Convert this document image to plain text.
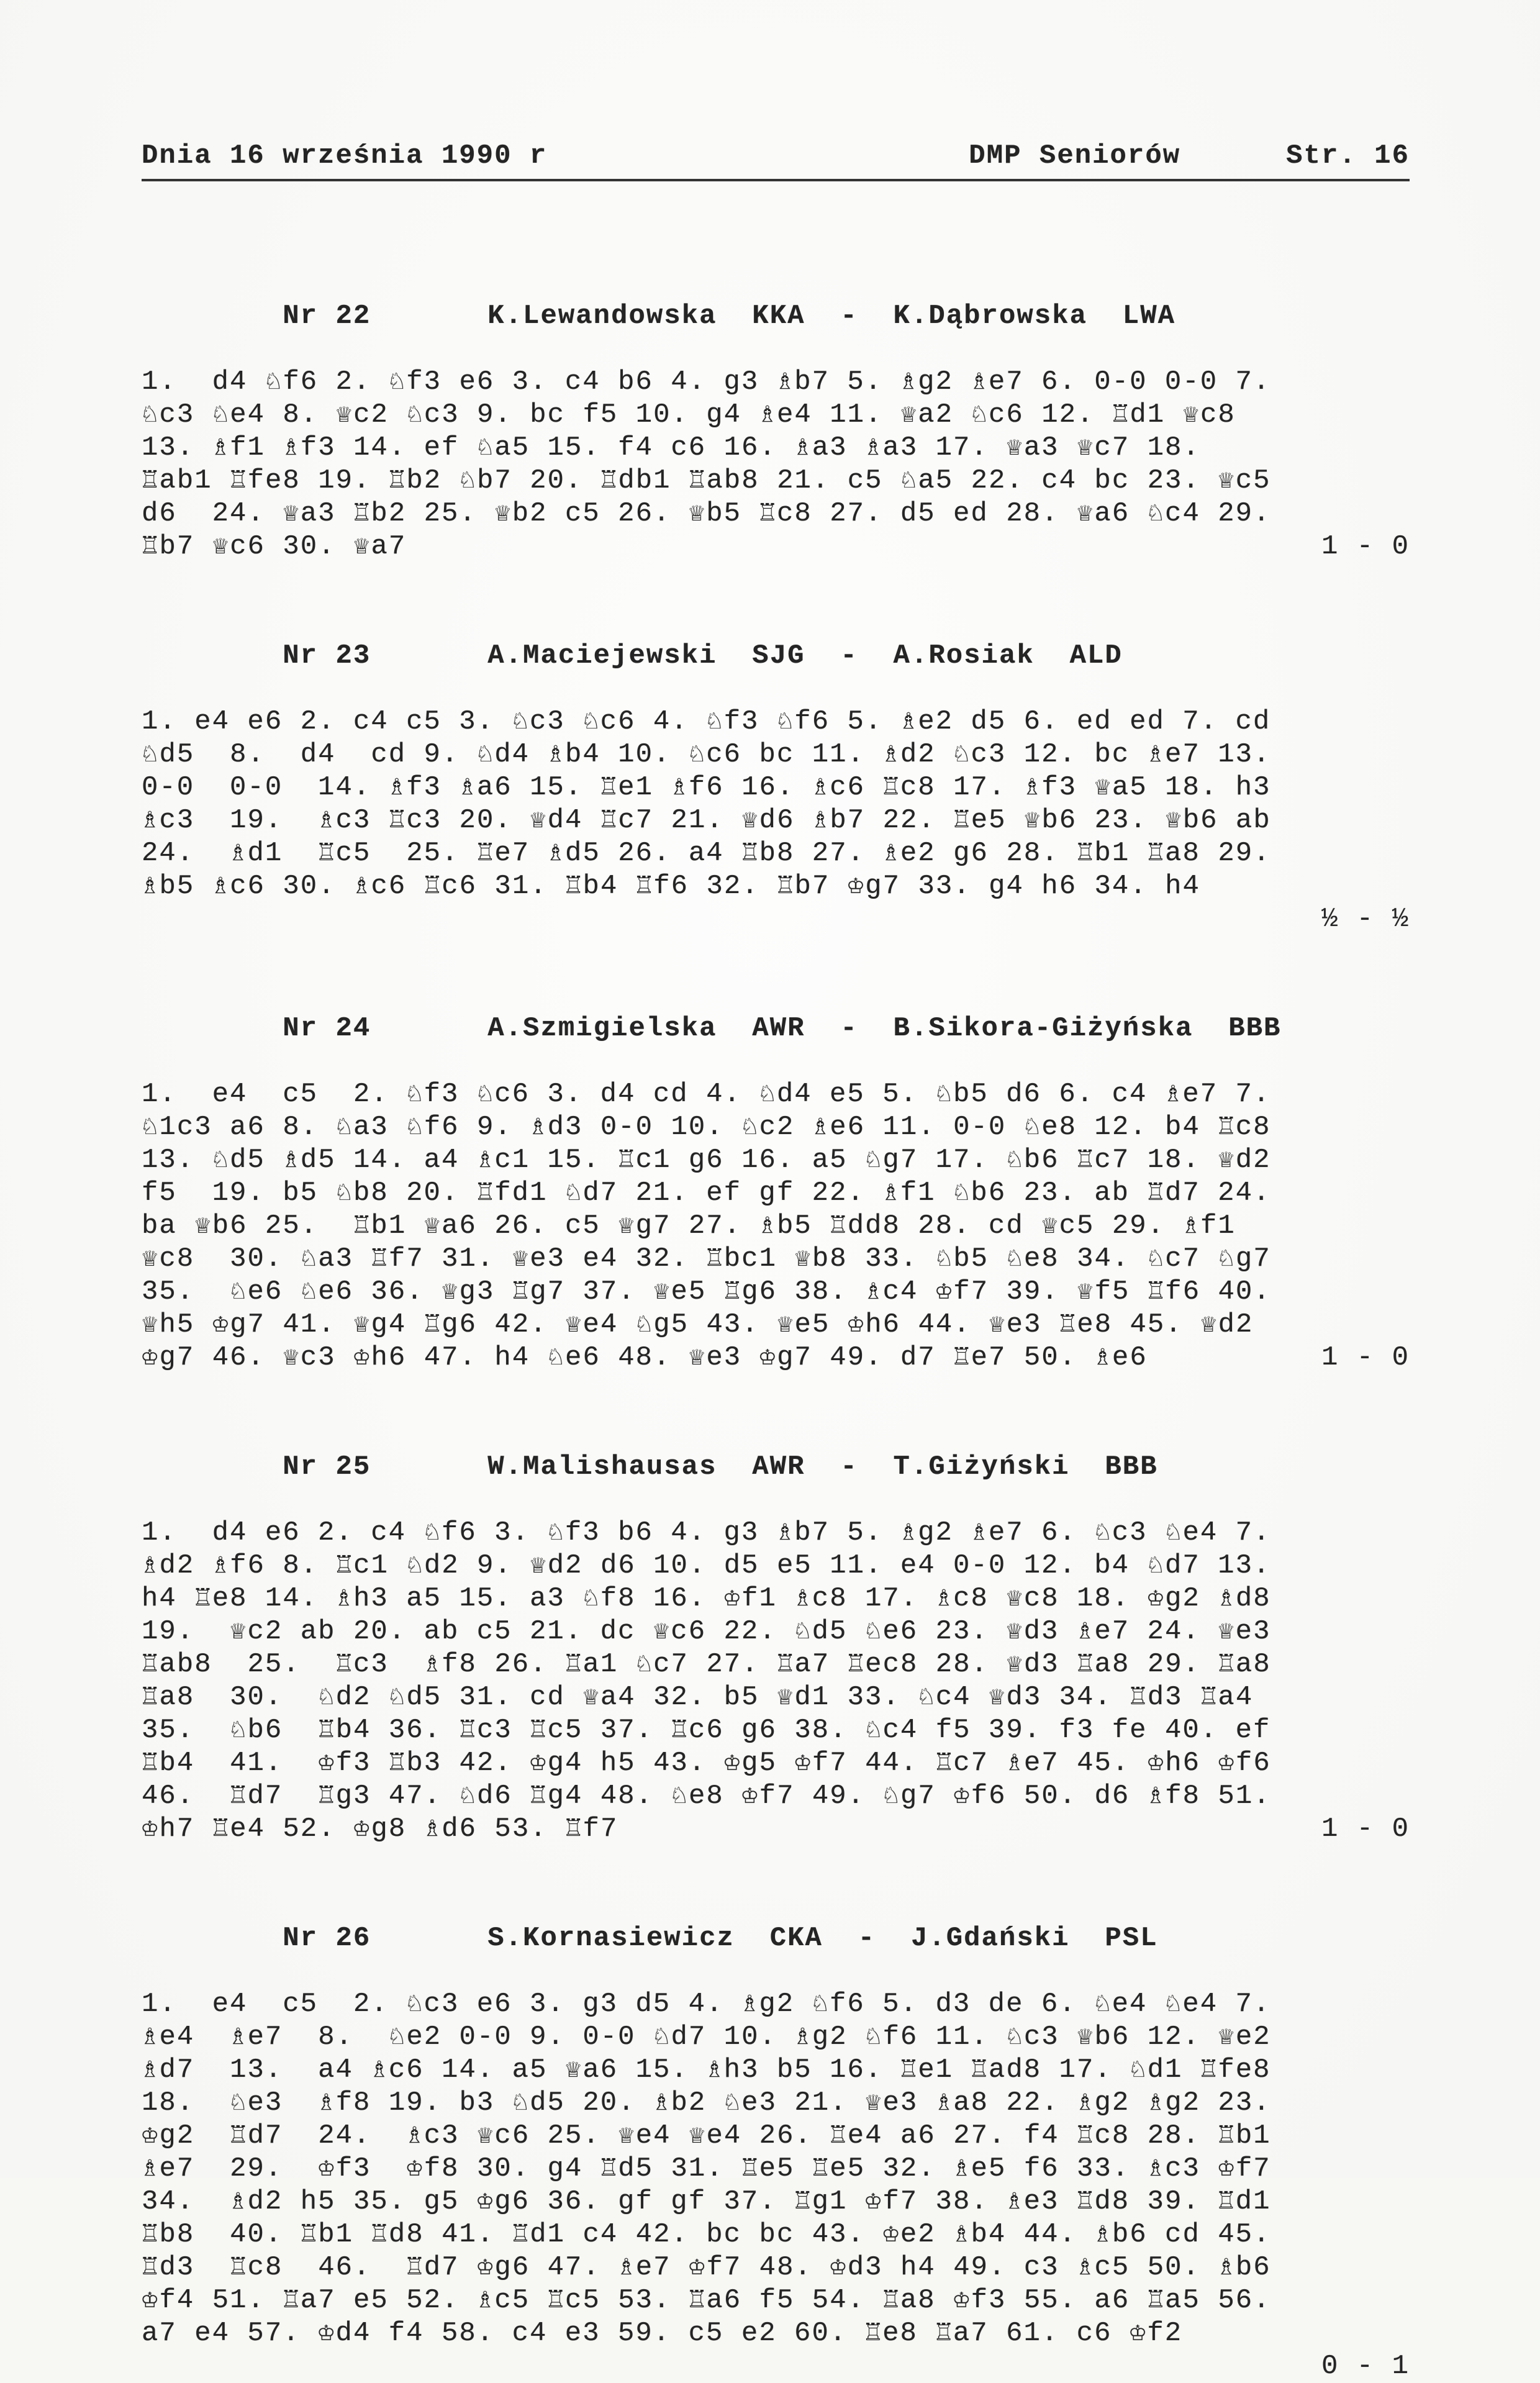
Dnia 16 września 1990 r	DMP Seniorów	Str. 16

Nr 22	K.Lewandowska  KKA  -  K.Dąbrowska  LWA

1.  d4 ♘f6 2. ♘f3 e6 3. c4 b6 4. g3 ♗b7 5. ♗g2 ♗e7 6. 0-0 0-0 7.
♘c3 ♘e4 8. ♕c2 ♘c3 9. bc f5 10. g4 ♗e4 11. ♕a2 ♘c6 12. ♖d1 ♕c8
13. ♗f1 ♗f3 14. ef ♘a5 15. f4 c6 16. ♗a3 ♗a3 17. ♕a3 ♕c7 18.
♖ab1 ♖fe8 19. ♖b2 ♘b7 20. ♖db1 ♖ab8 21. c5 ♘a5 22. c4 bc 23. ♕c5
d6  24. ♕a3 ♖b2 25. ♕b2 c5 26. ♕b5 ♖c8 27. d5 ed 28. ♕a6 ♘c4 29.
♖b7 ♕c6 30. ♕a7	1 - 0

Nr 23	A.Maciejewski  SJG  -  A.Rosiak  ALD

1. e4 e6 2. c4 c5 3. ♘c3 ♘c6 4. ♘f3 ♘f6 5. ♗e2 d5 6. ed ed 7. cd
♘d5  8.  d4  cd 9. ♘d4 ♗b4 10. ♘c6 bc 11. ♗d2 ♘c3 12. bc ♗e7 13.
0-0  0-0  14. ♗f3 ♗a6 15. ♖e1 ♗f6 16. ♗c6 ♖c8 17. ♗f3 ♕a5 18. h3
♗c3  19.  ♗c3 ♖c3 20. ♕d4 ♖c7 21. ♕d6 ♗b7 22. ♖e5 ♕b6 23. ♕b6 ab
24.  ♗d1  ♖c5  25. ♖e7 ♗d5 26. a4 ♖b8 27. ♗e2 g6 28. ♖b1 ♖a8 29.
♗b5 ♗c6 30. ♗c6 ♖c6 31. ♖b4 ♖f6 32. ♖b7 ♔g7 33. g4 h6 34. h4
½ - ½

Nr 24	A.Szmigielska  AWR  -  B.Sikora-Giżyńska  BBB

1.  e4  c5  2. ♘f3 ♘c6 3. d4 cd 4. ♘d4 e5 5. ♘b5 d6 6. c4 ♗e7 7.
♘1c3 a6 8. ♘a3 ♘f6 9. ♗d3 0-0 10. ♘c2 ♗e6 11. 0-0 ♘e8 12. b4 ♖c8
13. ♘d5 ♗d5 14. a4 ♗c1 15. ♖c1 g6 16. a5 ♘g7 17. ♘b6 ♖c7 18. ♕d2
f5  19. b5 ♘b8 20. ♖fd1 ♘d7 21. ef gf 22. ♗f1 ♘b6 23. ab ♖d7 24.
ba ♕b6 25.  ♖b1 ♕a6 26. c5 ♕g7 27. ♗b5 ♖dd8 28. cd ♕c5 29. ♗f1
♕c8  30. ♘a3 ♖f7 31. ♕e3 e4 32. ♖bc1 ♕b8 33. ♘b5 ♘e8 34. ♘c7 ♘g7
35.  ♘e6 ♘e6 36. ♕g3 ♖g7 37. ♕e5 ♖g6 38. ♗c4 ♔f7 39. ♕f5 ♖f6 40.
♕h5 ♔g7 41. ♕g4 ♖g6 42. ♕e4 ♘g5 43. ♕e5 ♔h6 44. ♕e3 ♖e8 45. ♕d2
♔g7 46. ♕c3 ♔h6 47. h4 ♘e6 48. ♕e3 ♔g7 49. d7 ♖e7 50. ♗e6	1 - 0

Nr 25	W.Malishausas  AWR  -  T.Giżyński  BBB

1.  d4 e6 2. c4 ♘f6 3. ♘f3 b6 4. g3 ♗b7 5. ♗g2 ♗e7 6. ♘c3 ♘e4 7.
♗d2 ♗f6 8. ♖c1 ♘d2 9. ♕d2 d6 10. d5 e5 11. e4 0-0 12. b4 ♘d7 13.
h4 ♖e8 14. ♗h3 a5 15. a3 ♘f8 16. ♔f1 ♗c8 17. ♗c8 ♕c8 18. ♔g2 ♗d8
19.  ♕c2 ab 20. ab c5 21. dc ♕c6 22. ♘d5 ♘e6 23. ♕d3 ♗e7 24. ♕e3
♖ab8  25.  ♖c3  ♗f8 26. ♖a1 ♘c7 27. ♖a7 ♖ec8 28. ♕d3 ♖a8 29. ♖a8
♖a8  30.  ♘d2 ♘d5 31. cd ♕a4 32. b5 ♕d1 33. ♘c4 ♕d3 34. ♖d3 ♖a4
35.  ♘b6  ♖b4 36. ♖c3 ♖c5 37. ♖c6 g6 38. ♘c4 f5 39. f3 fe 40. ef
♖b4  41.  ♔f3 ♖b3 42. ♔g4 h5 43. ♔g5 ♔f7 44. ♖c7 ♗e7 45. ♔h6 ♔f6
46.  ♖d7  ♖g3 47. ♘d6 ♖g4 48. ♘e8 ♔f7 49. ♘g7 ♔f6 50. d6 ♗f8 51.
♔h7 ♖e4 52. ♔g8 ♗d6 53. ♖f7	1 - 0

Nr 26	S.Kornasiewicz  CKA  -  J.Gdański  PSL

1.  e4  c5  2. ♘c3 e6 3. g3 d5 4. ♗g2 ♘f6 5. d3 de 6. ♘e4 ♘e4 7.
♗e4  ♗e7  8.  ♘e2 0-0 9. 0-0 ♘d7 10. ♗g2 ♘f6 11. ♘c3 ♕b6 12. ♕e2
♗d7  13.  a4 ♗c6 14. a5 ♕a6 15. ♗h3 b5 16. ♖e1 ♖ad8 17. ♘d1 ♖fe8
18.  ♘e3  ♗f8 19. b3 ♘d5 20. ♗b2 ♘e3 21. ♕e3 ♗a8 22. ♗g2 ♗g2 23.
♔g2  ♖d7  24.  ♗c3 ♕c6 25. ♕e4 ♕e4 26. ♖e4 a6 27. f4 ♖c8 28. ♖b1
♗e7  29.  ♔f3  ♔f8 30. g4 ♖d5 31. ♖e5 ♖e5 32. ♗e5 f6 33. ♗c3 ♔f7
34.  ♗d2 h5 35. g5 ♔g6 36. gf gf 37. ♖g1 ♔f7 38. ♗e3 ♖d8 39. ♖d1
♖b8  40. ♖b1 ♖d8 41. ♖d1 c4 42. bc bc 43. ♔e2 ♗b4 44. ♗b6 cd 45.
♖d3  ♖c8  46.  ♖d7 ♔g6 47. ♗e7 ♔f7 48. ♔d3 h4 49. c3 ♗c5 50. ♗b6
♔f4 51. ♖a7 e5 52. ♗c5 ♖c5 53. ♖a6 f5 54. ♖a8 ♔f3 55. a6 ♖a5 56.
a7 e4 57. ♔d4 f4 58. c4 e3 59. c5 e2 60. ♖e8 ♖a7 61. c6 ♔f2
0 - 1
